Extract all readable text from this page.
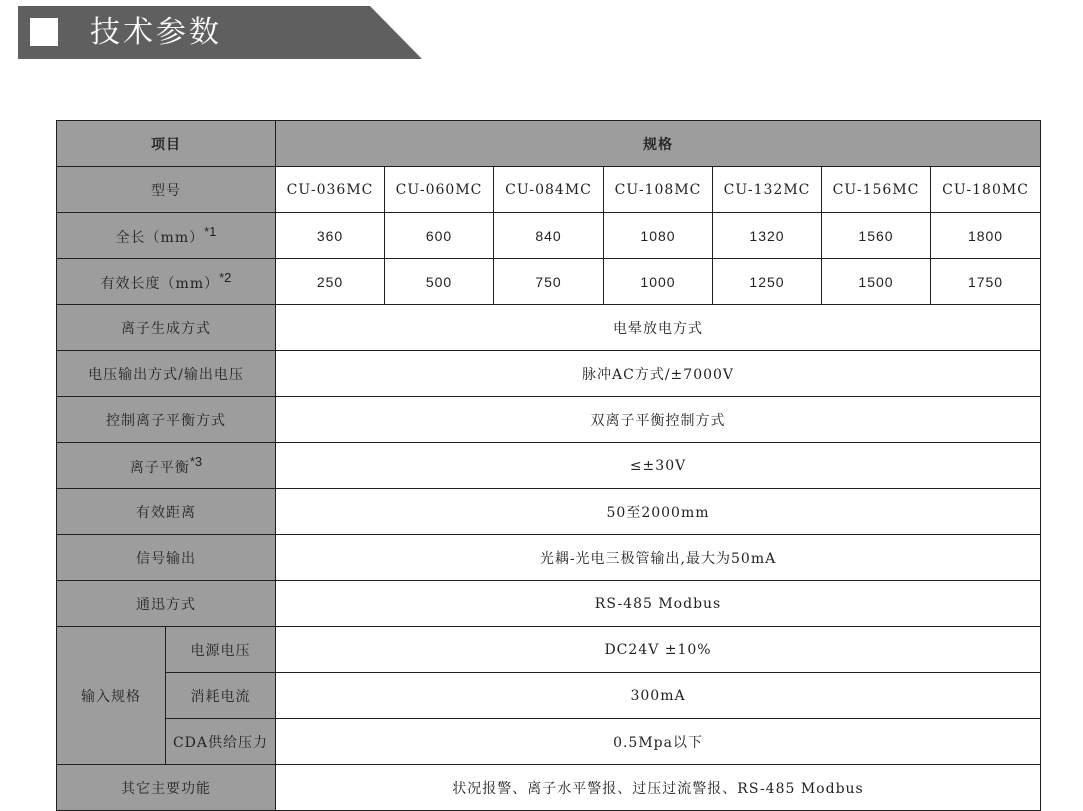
技术参数
项目		规格						
型号		CU-036MC	CU-060MC	CU-084MC	CU-108MC	CU-132MC	CU-156MC	CU-180MC
全长（mm）$^{*1}$		360	600	840	1080	1320	1560	1800
有效长度（mm）$^{*2}$		250	500	750	1000	1250	1500	1750
离子生成方式		电晕放电方式						
电压输出方式/输出电压		脉冲AC方式/±7000V						
控制离子平衡方式		双离子平衡控制方式						
离子平衡$^{*3}$		≤±30V						
有效距离		50至2000mm						
信号输出		光耦-光电三极管输出,最大为50mA						
通迅方式		RS-485 Modbus						
输入规格	电源电压	DC24V ±10%						
	消耗电流	300mA						
	CDA供给压力	0.5Mpa以下						
其它主要功能		状况报警、离子水平警报、过压过流警报、RS-485 Modbus						
